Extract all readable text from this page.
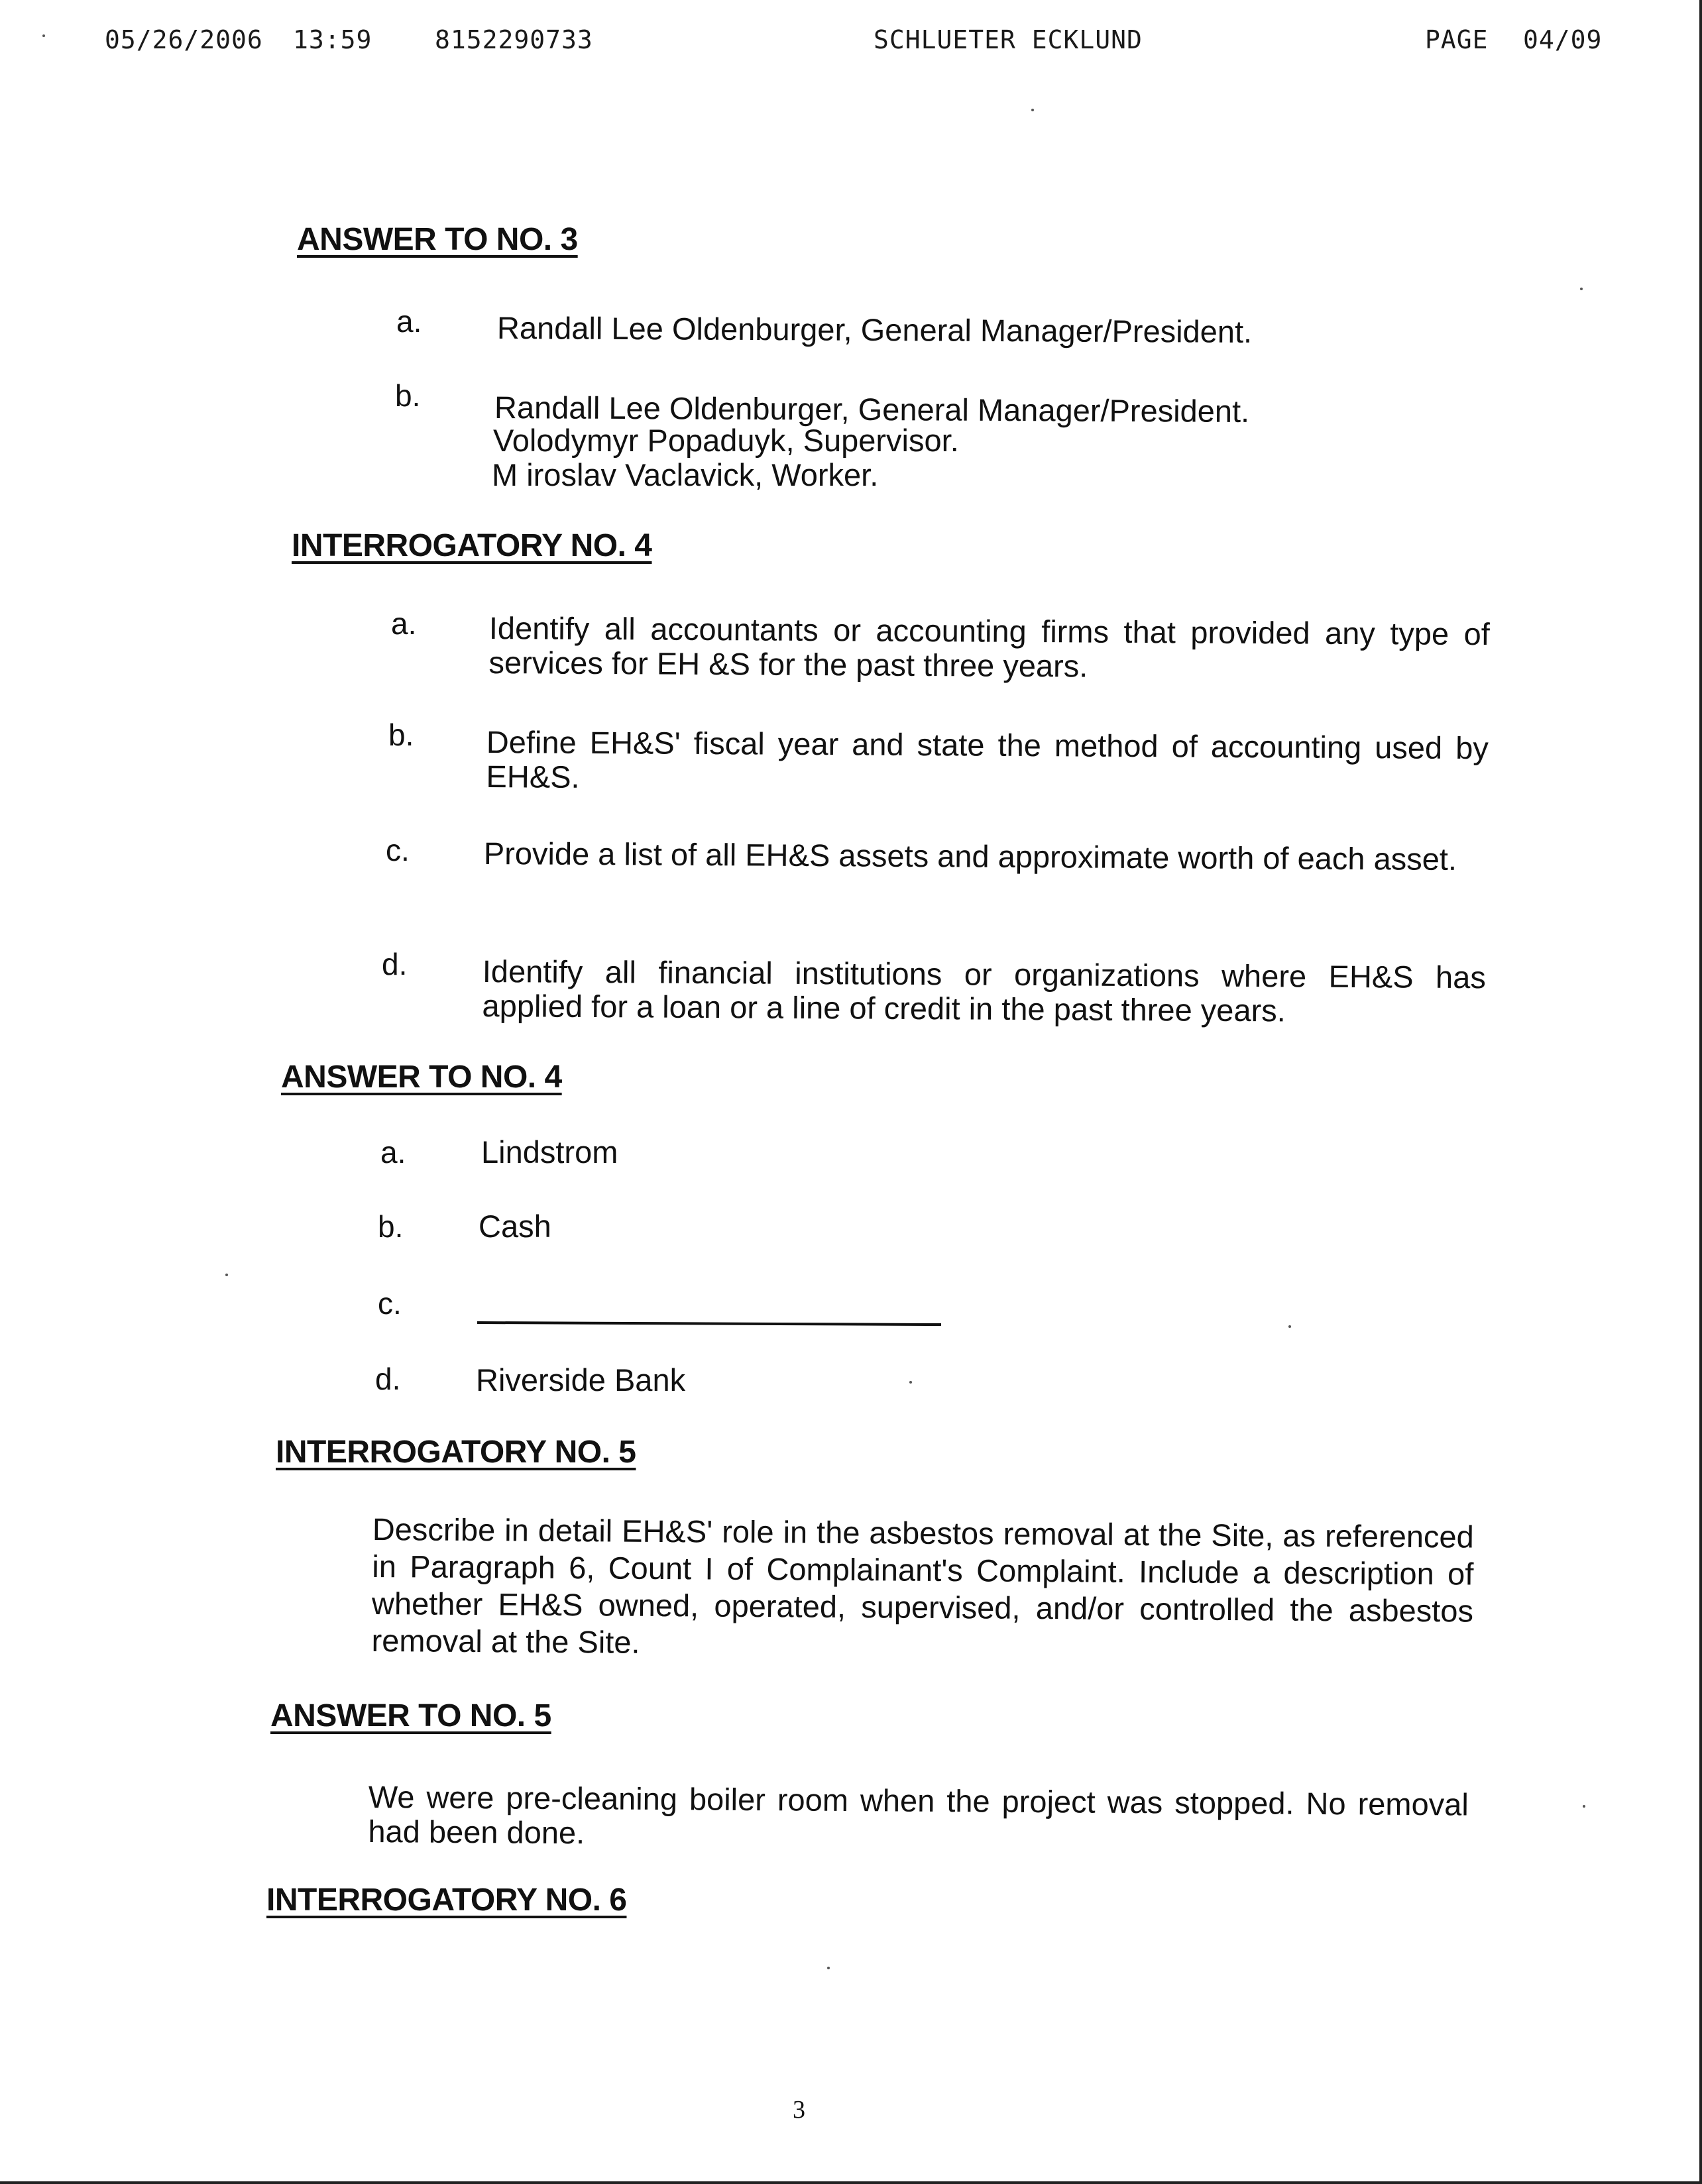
05/26/2006 13:59 8152290733	SCHLUETER ECKLUND	PAGE 04/09
ANSWER TO NO. 3
a. Randall Lee Oldenburger, General Manager/President.
b. Randall Lee Oldenburger, General Manager/President.
Volodymyr Popaduyk, Supervisor.
M iroslav Vaclavick, Worker.
INTERROGATORY NO. 4
a. Identify all accountants or accounting firms that provided any type of services for EH &S for the past three years.
b. Define EH&S' fiscal year and state the method of accounting used by EH&S.
c. Provide a list of all EH&S assets and approximate worth of each asset.
d. Identify all financial institutions or organizations where EH&S has applied for a loan or a line of credit in the past three years.
ANSWER TO NO. 4
a. Lindstrom
b. Cash
c.
d. Riverside Bank
INTERROGATORY NO. 5
Describe in detail EH&S' role in the asbestos removal at the Site, as referenced in Paragraph 6, Count I of Complainant's Complaint. Include a description of whether EH&S owned, operated, supervised, and/or controlled the asbestos removal at the Site.
ANSWER TO NO. 5
We were pre-cleaning boiler room when the project was stopped. No removal had been done.
INTERROGATORY NO. 6
3
